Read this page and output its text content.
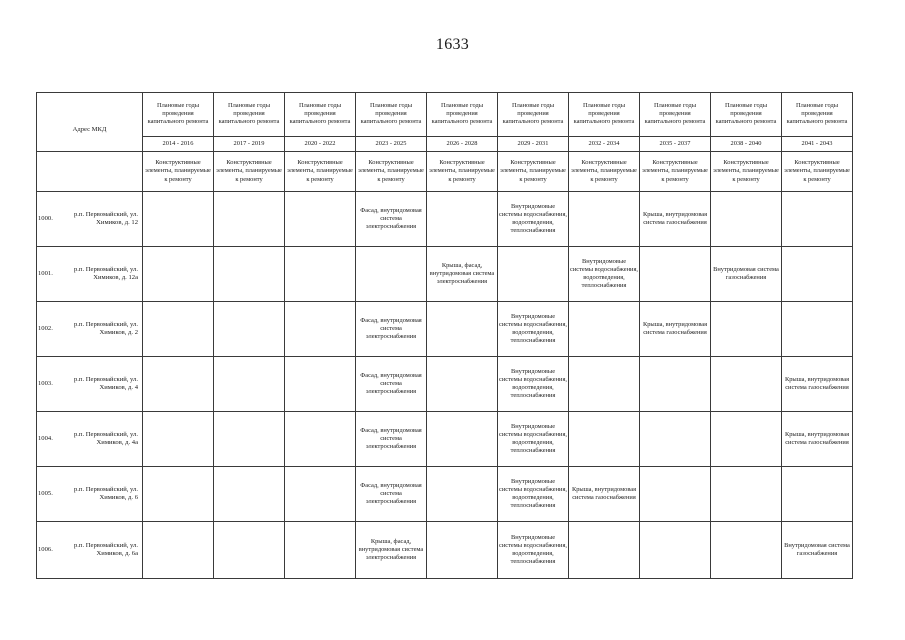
1633
Адрес МКД		Плановые годы проведения капитального ремонта	Плановые годы проведения капитального ремонта	Плановые годы проведения капитального ремонта	Плановые годы проведения капитального ремонта	Плановые годы проведения капитального ремонта	Плановые годы проведения капитального ремонта	Плановые годы проведения капитального ремонта	Плановые годы проведения капитального ремонта	Плановые годы проведения капитального ремонта	Плановые годы проведения капитального ремонта
		2014 - 2016	2017 - 2019	2020 - 2022	2023 - 2025	2026 - 2028	2029 - 2031	2032 - 2034	2035 - 2037	2038 - 2040	2041 - 2043
		Конструктивные элементы, планируемые к ремонту	Конструктивные элементы, планируемые к ремонту	Конструктивные элементы, планируемые к ремонту	Конструктивные элементы, планируемые к ремонту	Конструктивные элементы, планируемые к ремонту	Конструктивные элементы, планируемые к ремонту	Конструктивные элементы, планируемые к ремонту	Конструктивные элементы, планируемые к ремонту	Конструктивные элементы, планируемые к ремонту	Конструктивные элементы, планируемые к ремонту
1000.	р.п. Первомайский, ул. Химиков, д. 12				Фасад, внутридомовая система электроснабжения		Внутридомовые системы водоснабжения, водоотведения, теплоснабжения		Крыша, внутридомовая система газоснабжения		
1001.	р.п. Первомайский, ул. Химиков, д. 12а					Крыша, фасад, внутридомовая система электроснабжения		Внутридомовые системы водоснабжения, водоотведения, теплоснабжения		Внутридомовая система газоснабжения	
1002.	р.п. Первомайский, ул. Химиков, д. 2				Фасад, внутридомовая система электроснабжения		Внутридомовые системы водоснабжения, водоотведения, теплоснабжения		Крыша, внутридомовая система газоснабжения		
1003.	р.п. Первомайский, ул. Химиков, д. 4				Фасад, внутридомовая система электроснабжения		Внутридомовые системы водоснабжения, водоотведения, теплоснабжения				Крыша, внутридомовая система газоснабжения
1004.	р.п. Первомайский, ул. Химиков, д. 4а				Фасад, внутридомовая система электроснабжения		Внутридомовые системы водоснабжения, водоотведения, теплоснабжения				Крыша, внутридомовая система газоснабжения
1005.	р.п. Первомайский, ул. Химиков, д. 6				Фасад, внутридомовая система электроснабжения		Внутридомовые системы водоснабжения, водоотведения, теплоснабжения	Крыша, внутридомовая система газоснабжения			
1006.	р.п. Первомайский, ул. Химиков, д. 6а				Крыша, фасад, внутридомовая система электроснабжения		Внутридомовые системы водоснабжения, водоотведения, теплоснабжения				Внутридомовая система газоснабжения
